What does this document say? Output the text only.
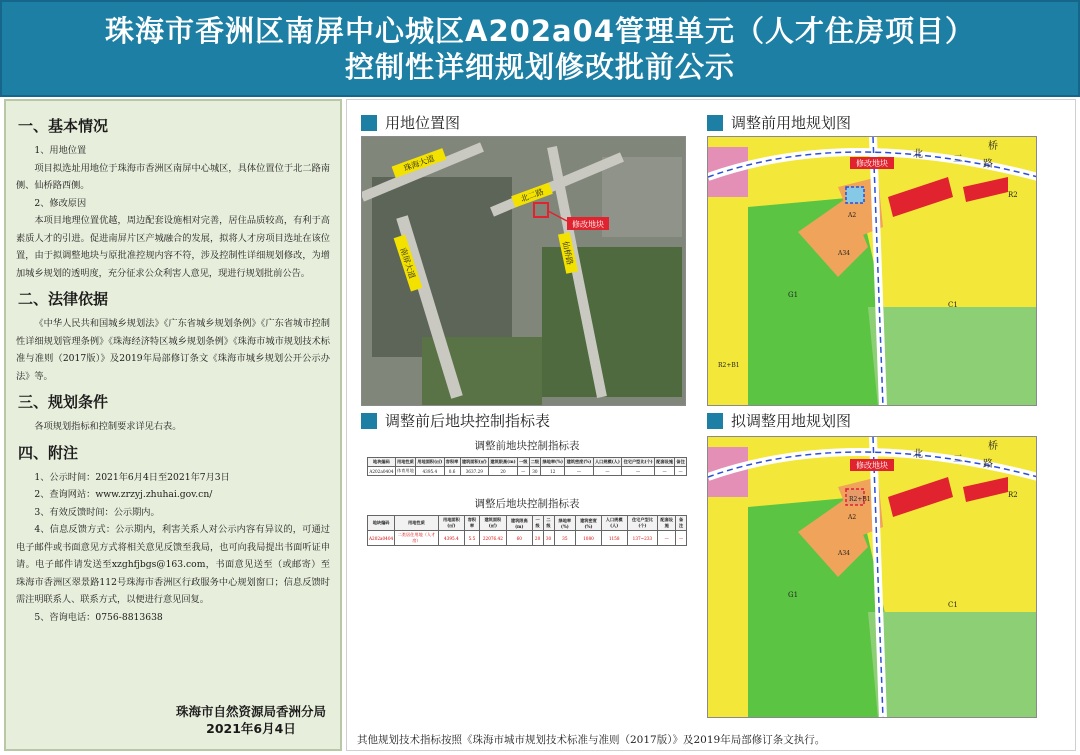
珠海市香洲区南屏中心城区A202a04管理单元（人才住房项目）
控制性详细规划修改批前公示
一、基本情况
1、用地位置
项目拟选址用地位于珠海市香洲区南屏中心城区，具体位置位于北二路南侧、仙桥路西侧。
2、修改原因
本项目地理位置优越，周边配套设施相对完善，居住品质较高，有利于高素质人才的引进。促进南屏片区产城融合的发展，拟将人才房项目选址在该位置，由于拟调整地块与原批准控规内容不符，涉及控制性详细规划修改，为增加城乡规划的透明度，充分征求公众利害人意见，现进行规划批前公告。
二、法律依据
《中华人民共和国城乡规划法》《广东省城乡规划条例》《广东省城市控制性详细规划管理条例》《珠海经济特区城乡规划条例》《珠海市城市规划技术标准与准则（2017版）》及2019年局部修订条文《珠海市城乡规划公开公示办法》等。
三、规划条件
各项规划指标和控制要求详见右表。
四、附注
1、公示时间：2021年6月4日至2021年7月3日
2、查询网站：www.zrzyj.zhuhai.gov.cn/
3、有效反馈时间：公示期内。
4、信息反馈方式：公示期内，利害关系人对公示内容有异议的，可通过电子邮件或书面意见方式将相关意见反馈至我局，也可向我局提出书面听证申请。电子邮件请发送至xzghfjbgs@163.com，书面意见送至（或邮寄）至珠海市香洲区翠景路112号珠海市香洲区行政服务中心规划窗口；信息反馈时需注明联系人、联系方式，以便进行意见回复。
5、咨询电话：0756-8813638
珠海市自然资源局香洲分局
2021年6月4日
用地位置图
珠海大道
北二路
南屏大道	仙桥路
修改地块
调整前用地规划图
修改地块
北	二 路
桥
R2
G1
C1
A2
A34
R2+B1
调整前后地块控制指标表
调整前地块控制指标表
地块编码	用地性质	用地面积(㎡)	容积率	建筑面积(㎡)	建筑限高(m)	一级	二级	绿地率(%)	建筑密度(%)	人口规模(人)	住宅户型比(个)	配套设施	备注
A202a0404	体育用地	4395.4	0.6	3637.29	20	—	30	12	—	—	—	—	—
调整后地块控制指标表
地块编码	用地性质	用地面积(㎡)	容积率	建筑面积(㎡)	建筑限高(m)	一级	二级	绿地率(%)	建筑密度(%)	人口规模(人)	住宅户型比(个)	配套设施	备注
A202a0404	二类居住用地（人才房）	4395.4	5.5	22076.42	60	20	30	35	1080	1158	137~233	—	—
拟调整用地规划图
修改地块
北	二 路
桥
R2
G1
C1
A2
A34
R2+B1
其他规划技术指标按照《珠海市城市规划技术标准与准则（2017版）》及2019年局部修订条文执行。
